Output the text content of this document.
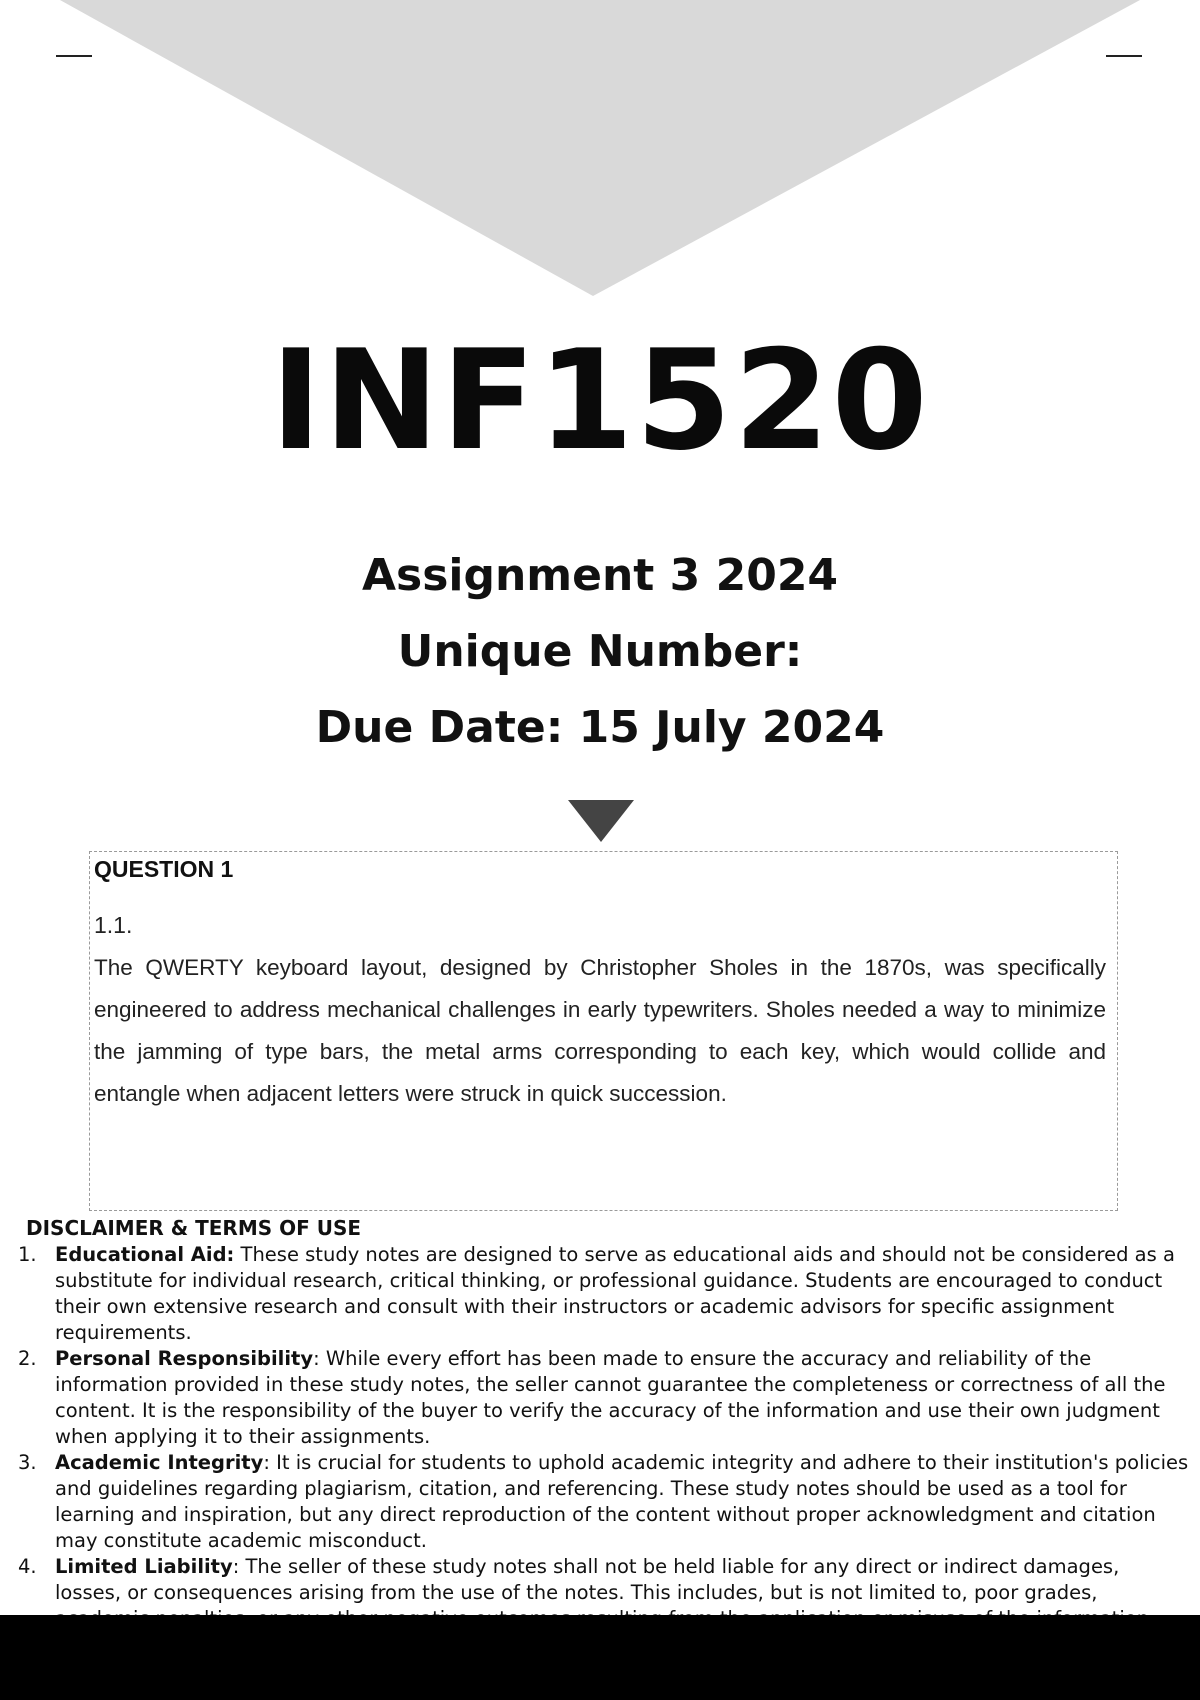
INF1520
Assignment 3 2024
Unique Number:
Due Date: 15 July 2024
QUESTION 1
1.1.

The QWERTY keyboard layout, designed by Christopher Sholes in the 1870s, was specifically engineered to address mechanical challenges in early typewriters. Sholes needed a way to minimize the jamming of type bars, the metal arms corresponding to each key, which would collide and entangle when adjacent letters were struck in quick succession.

DISCLAIMER & TERMS OF USE
1. Educational Aid: These study notes are designed to serve as educational aids and should not be considered as a substitute for individual research, critical thinking, or professional guidance. Students are encouraged to conduct their own extensive research and consult with their instructors or academic advisors for specific assignment requirements.
2. Personal Responsibility: While every effort has been made to ensure the accuracy and reliability of the information provided in these study notes, the seller cannot guarantee the completeness or correctness of all the content. It is the responsibility of the buyer to verify the accuracy of the information and use their own judgment when applying it to their assignments.
3. Academic Integrity: It is crucial for students to uphold academic integrity and adhere to their institution's policies and guidelines regarding plagiarism, citation, and referencing. These study notes should be used as a tool for learning and inspiration, but any direct reproduction of the content without proper acknowledgment and citation may constitute academic misconduct.
4. Limited Liability: The seller of these study notes shall not be held liable for any direct or indirect damages, losses, or consequences arising from the use of the notes. This includes, but is not limited to, poor grades,
